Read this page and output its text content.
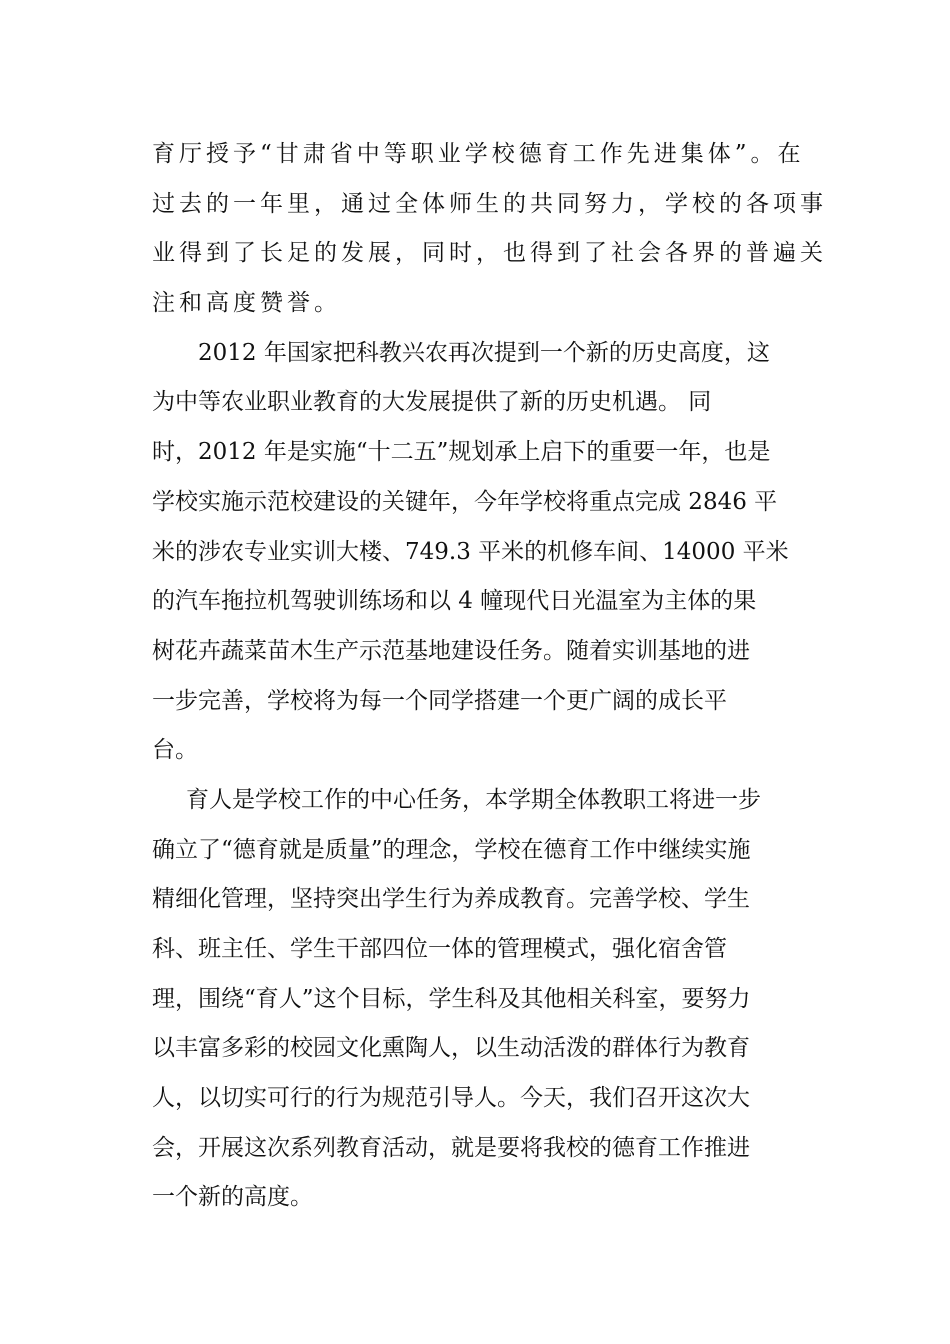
育厅授予“甘肃省中等职业学校德育工作先进集体”。在
过去的一年里，通过全体师生的共同努力，学校的各项事
业得到了长足的发展，同时，也得到了社会各界的普遍关
注和高度赞誉。
2012 年国家把科教兴农再次提到一个新的历史高度，这
为中等农业职业教育的大发展提供了新的历史机遇。 同
时，2012 年是实施“十二五”规划承上启下的重要一年，也是
学校实施示范校建设的关键年，今年学校将重点完成 2846 平
米的涉农专业实训大楼、749.3 平米的机修车间、14000 平米
的汽车拖拉机驾驶训练场和以 4 幢现代日光温室为主体的果
树花卉蔬菜苗木生产示范基地建设任务。随着实训基地的进
一步完善，学校将为每一个同学搭建一个更广阔的成长平
台。
育人是学校工作的中心任务，本学期全体教职工将进一步
确立了“德育就是质量”的理念，学校在德育工作中继续实施
精细化管理，坚持突出学生行为养成教育。完善学校、学生
科、班主任、学生干部四位一体的管理模式，强化宿舍管
理，围绕“育人”这个目标，学生科及其他相关科室，要努力
以丰富多彩的校园文化熏陶人，以生动活泼的群体行为教育
人，以切实可行的行为规范引导人。今天，我们召开这次大
会，开展这次系列教育活动，就是要将我校的德育工作推进
一个新的高度。
